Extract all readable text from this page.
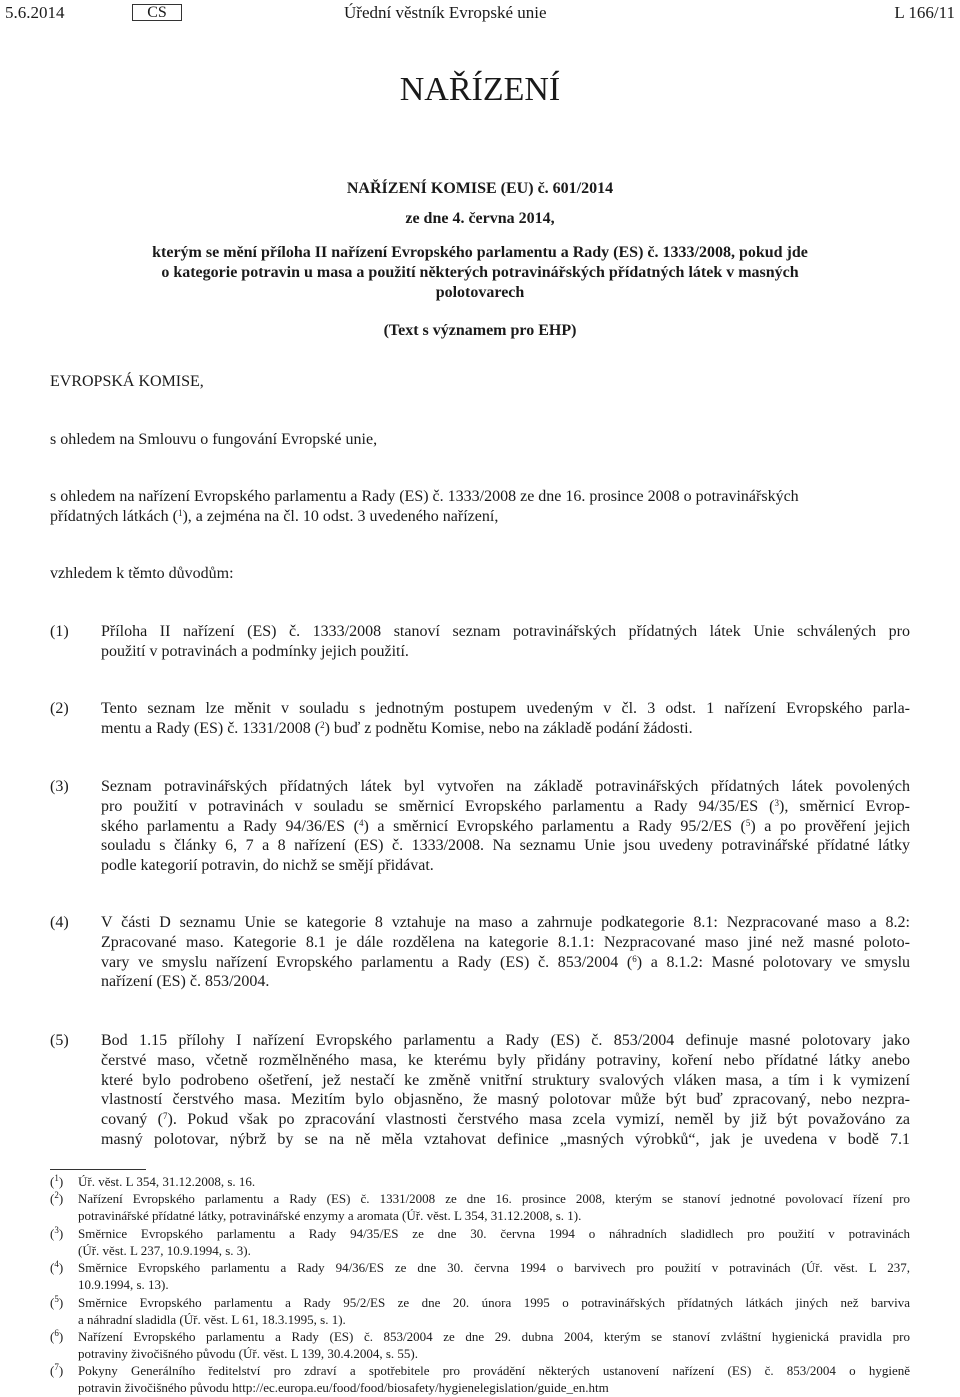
5.6.2014	CS	Úřední věstník Evropské unie	L 166/11
NAŘÍZENÍ
NAŘÍZENÍ KOMISE (EU) č. 601/2014
ze dne 4. června 2014,
kterým se mění příloha II nařízení Evropského parlamentu a Rady (ES) č. 1333/2008, pokud jde
o kategorie potravin u masa a použití některých potravinářských přídatných látek v masných
polotovarech
(Text s významem pro EHP)
EVROPSKÁ KOMISE,
s ohledem na Smlouvu o fungování Evropské unie,
s ohledem na nařízení Evropského parlamentu a Rady (ES) č. 1333/2008 ze dne 16. prosince 2008 o potravinářských
přídatných látkách ($^1$), a zejména na čl. 10 odst. 3 uvedeného nařízení,
vzhledem k těmto důvodům:
(1) Příloha II nařízení (ES) č. 1333/2008 stanoví seznam potravinářských přídatných látek Unie schválených pro
použití v potravinách a podmínky jejich použití.
(2) Tento seznam lze měnit v souladu s jednotným postupem uvedeným v čl. 3 odst. 1 nařízení Evropského parla-
mentu a Rady (ES) č. 1331/2008 ($^2$) buď z podnětu Komise, nebo na základě podání žádosti.
(3) Seznam potravinářských přídatných látek byl vytvořen na základě potravinářských přídatných látek povolených
pro použití v potravinách v souladu se směrnicí Evropského parlamentu a Rady 94/35/ES ($^3$), směrnicí Evrop-
ského parlamentu a Rady 94/36/ES ($^4$) a směrnicí Evropského parlamentu a Rady 95/2/ES ($^5$) a po prověření jejich
souladu s články 6, 7 a 8 nařízení (ES) č. 1333/2008. Na seznamu Unie jsou uvedeny potravinářské přídatné látky
podle kategorií potravin, do nichž se smějí přidávat.
(4) V části D seznamu Unie se kategorie 8 vztahuje na maso a zahrnuje podkategorie 8.1: Nezpracované maso a 8.2:
Zpracované maso. Kategorie 8.1 je dále rozdělena na kategorie 8.1.1: Nezpracované maso jiné než masné poloto-
vary ve smyslu nařízení Evropského parlamentu a Rady (ES) č. 853/2004 ($^6$) a 8.1.2: Masné polotovary ve smyslu
nařízení (ES) č. 853/2004.
(5) Bod 1.15 přílohy I nařízení Evropského parlamentu a Rady (ES) č. 853/2004 definuje masné polotovary jako
čerstvé maso, včetně rozmělněného masa, ke kterému byly přidány potraviny, koření nebo přídatné látky anebo
které bylo podrobeno ošetření, jež nestačí ke změně vnitřní struktury svalových vláken masa, a tím i k vymizení
vlastností čerstvého masa. Mezitím bylo objasněno, že masný polotovar může být buď zpracovaný, nebo nezpra-
covaný ($^7$). Pokud však po zpracování vlastnosti čerstvého masa zcela vymizí, neměl by již být považováno za
masný polotovar, nýbrž by se na ně měla vztahovat definice „masných výrobků“, jak je uvedena v bodě 7.1
($^1$) Úř. věst. L 354, 31.12.2008, s. 16.
($^2$) Nařízení Evropského parlamentu a Rady (ES) č. 1331/2008 ze dne 16. prosince 2008, kterým se stanoví jednotné povolovací řízení pro
potravinářské přídatné látky, potravinářské enzymy a aromata (Úř. věst. L 354, 31.12.2008, s. 1).
($^3$) Směrnice Evropského parlamentu a Rady 94/35/ES ze dne 30. června 1994 o náhradních sladidlech pro použití v potravinách
(Úř. věst. L 237, 10.9.1994, s. 3).
($^4$) Směrnice Evropského parlamentu a Rady 94/36/ES ze dne 30. června 1994 o barvivech pro použití v potravinách (Úř. věst. L 237,
10.9.1994, s. 13).
($^5$) Směrnice Evropského parlamentu a Rady 95/2/ES ze dne 20. února 1995 o potravinářských přídatných látkách jiných než barviva
a náhradní sladidla (Úř. věst. L 61, 18.3.1995, s. 1).
($^6$) Nařízení Evropského parlamentu a Rady (ES) č. 853/2004 ze dne 29. dubna 2004, kterým se stanoví zvláštní hygienická pravidla pro
potraviny živočišného původu (Úř. věst. L 139, 30.4.2004, s. 55).
($^7$) Pokyny Generálního ředitelství pro zdraví a spotřebitele pro provádění některých ustanovení nařízení (ES) č. 853/2004 o hygieně
potravin živočišného původu http://ec.europa.eu/food/food/biosafety/hygienelegislation/guide_en.htm
